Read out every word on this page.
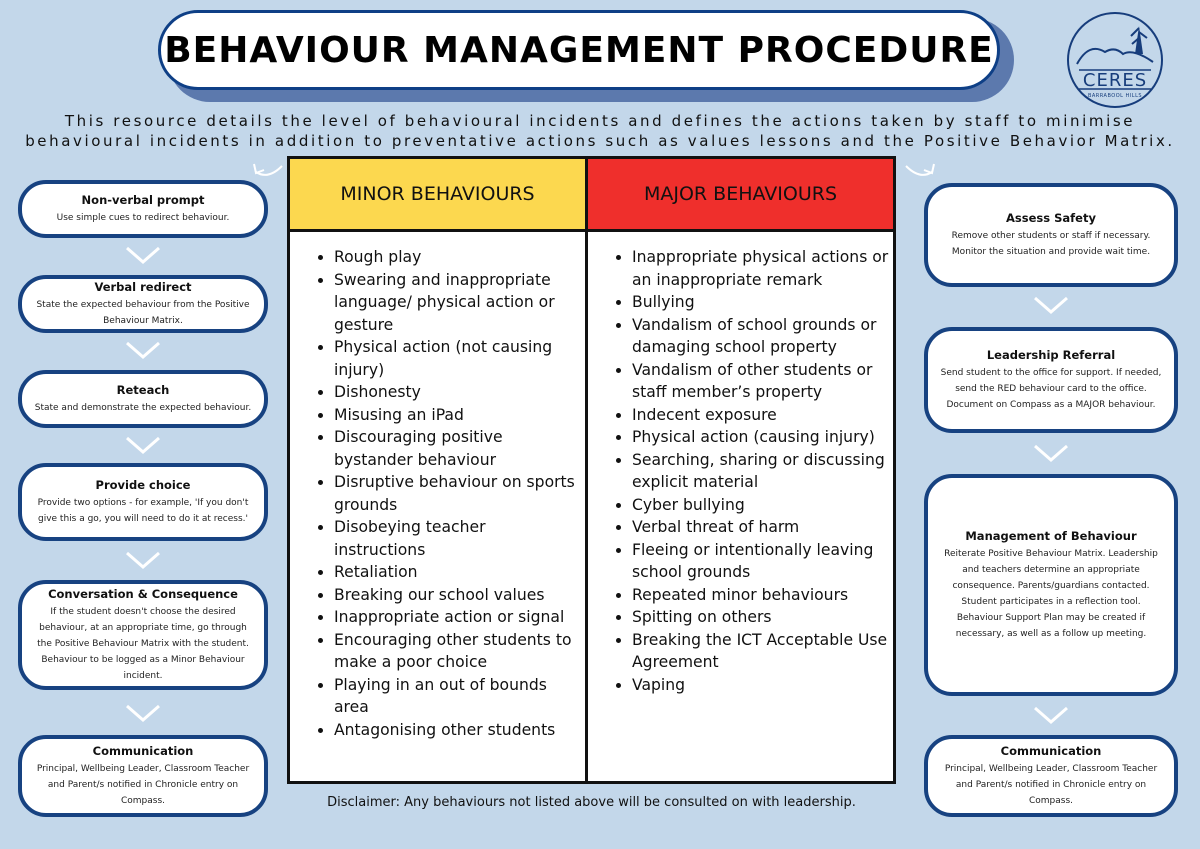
BEHAVIOUR MANAGEMENT PROCEDURE
CERES
BARRABOOL HILLS
This resource details the level of behavioural incidents and defines the actions taken by staff to minimise behavioural incidents in addition to preventative actions such as values lessons and the Positive Behavior Matrix.
Non-verbal prompt
Use simple cues to redirect behaviour.
Verbal redirect
State the expected behaviour from the Positive Behaviour Matrix.
Reteach
State and demonstrate the expected behaviour.
Provide choice
Provide two options - for example, 'If you don't give this a go, you will need to do it at recess.'
Conversation & Consequence
If the student doesn't choose the desired behaviour, at an appropriate time, go through the Positive Behaviour Matrix with the student. Behaviour to be logged as a Minor Behaviour incident.
Communication
Principal, Wellbeing Leader, Classroom Teacher and Parent/s notified in Chronicle entry on Compass.
Assess Safety
Remove other students or staff if necessary. Monitor the situation and provide wait time.
Leadership Referral
Send student to the office for support. If needed, send the RED behaviour card to the office. Document on Compass as a MAJOR behaviour.
Management of Behaviour
Reiterate Positive Behaviour Matrix. Leadership and teachers determine an appropriate consequence. Parents/guardians contacted. Student participates in a reflection tool. Behaviour Support Plan may be created if necessary, as well as a follow up meeting.
Communication
Principal, Wellbeing Leader, Classroom Teacher and Parent/s notified in Chronicle entry on Compass.
MINOR BEHAVIOURS	MAJOR BEHAVIOURS
• Rough play
• Swearing and inappropriate language/ physical action or gesture
• Physical action (not causing injury)
• Dishonesty
• Misusing an iPad
• Discouraging positive bystander behaviour
• Disruptive behaviour on sports grounds
• Disobeying teacher instructions
• Retaliation
• Breaking our school values
• Inappropriate action or signal
• Encouraging other students to make a poor choice
• Playing in an out of bounds area
• Antagonising other students
• Inappropriate physical actions or an inappropriate remark
• Bullying
• Vandalism of school grounds or damaging school property
• Vandalism of other students or staff member’s property
• Indecent exposure
• Physical action (causing injury)
• Searching, sharing or discussing explicit material
• Cyber bullying
• Verbal threat of harm
• Fleeing or intentionally leaving school grounds
• Repeated minor behaviours
• Spitting on others
• Breaking the ICT Acceptable Use Agreement
• Vaping
Disclaimer: Any behaviours not listed above will be consulted on with leadership.
